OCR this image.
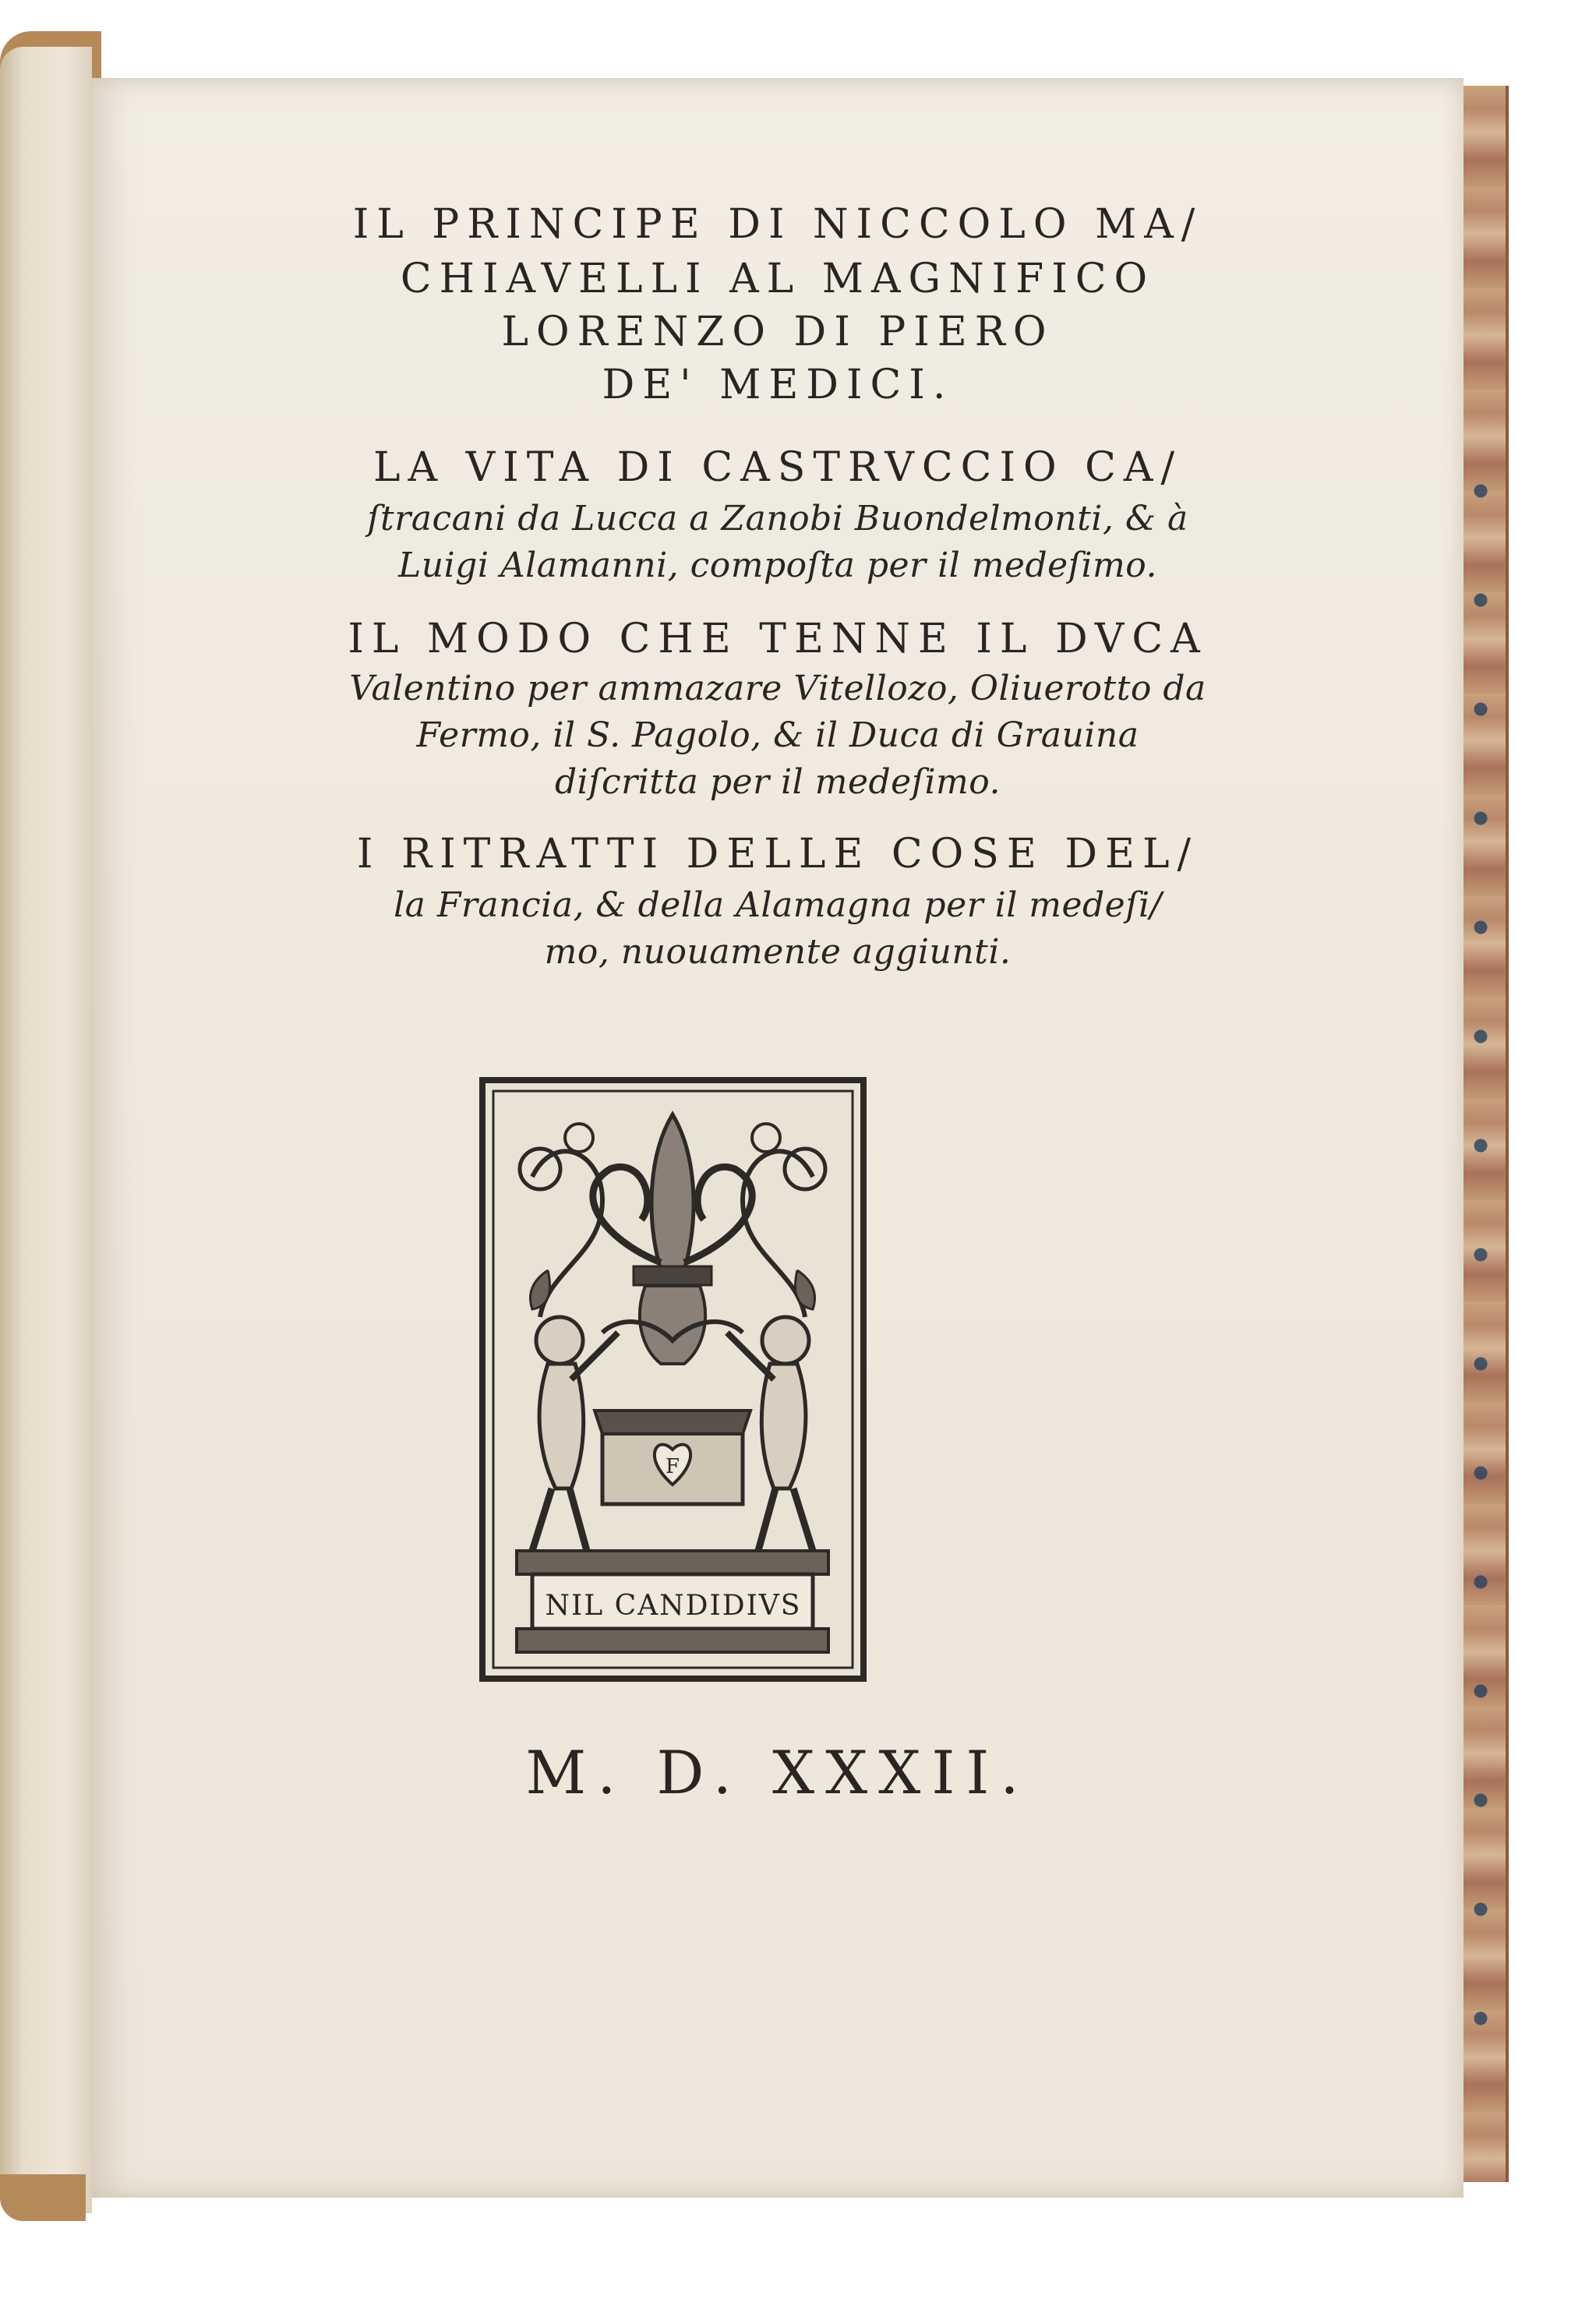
IL PRINCIPE DI NICCOLO MA/
CHIAVELLI AL MAGNIFICO
LORENZO DI PIERO
DE' MEDICI.
LA VITA DI CASTRVCCIO CA/
ſtracani da Lucca a Zanobi Buondelmonti, & à
Luigi Alamanni, compoſta per il medeſimo.
IL MODO CHE TENNE IL DVCA
Valentino per ammazare Vitellozo, Oliuerotto da
Fermo, il S. Pagolo, & il Duca di Grauina
diſcritta per il medeſimo.
I RITRATTI DELLE COSE DEL/
la Francia, & della Alamagna per il medeſi/
mo, nuouamente aggiunti.
F
NIL CANDIDIVS
M. D. XXXII.
